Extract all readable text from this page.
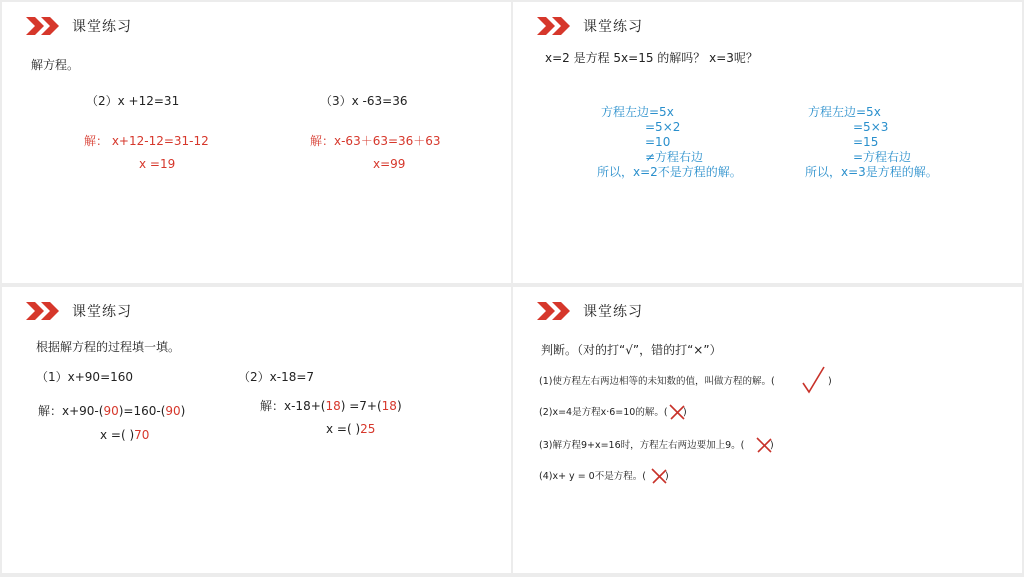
课堂练习
解方程。
（2）x +12=31
解： x+12-12=31-12
x =19
（3）x -63=36
解：x-63＋63=36＋63
x=99
课堂练习
x=2 是方程 5x=15 的解吗？ x=3呢？
方程左边=5x
=5×2
=10
≠方程右边
所以，x=2不是方程的解。
方程左边=5x
=5×3
=15
=方程右边
所以，x=3是方程的解。
课堂练习
根据解方程的过程填一填。
（1）x+90=160
解：x+90-(90)=160-(90)
x =( )70
（2）x-18=7
解：x-18+(18) =7+(18)
x =( )25
课堂练习
判断。（对的打“√”，错的打“×”）
(1)使方程左右两边相等的未知数的值，叫做方程的解。(	)
(2)x=4是方程x·6=10的解。( )
(3)解方程9+x=16时，方程左右两边要加上9。(	)
(4)x+ y = 0不是方程。( )
